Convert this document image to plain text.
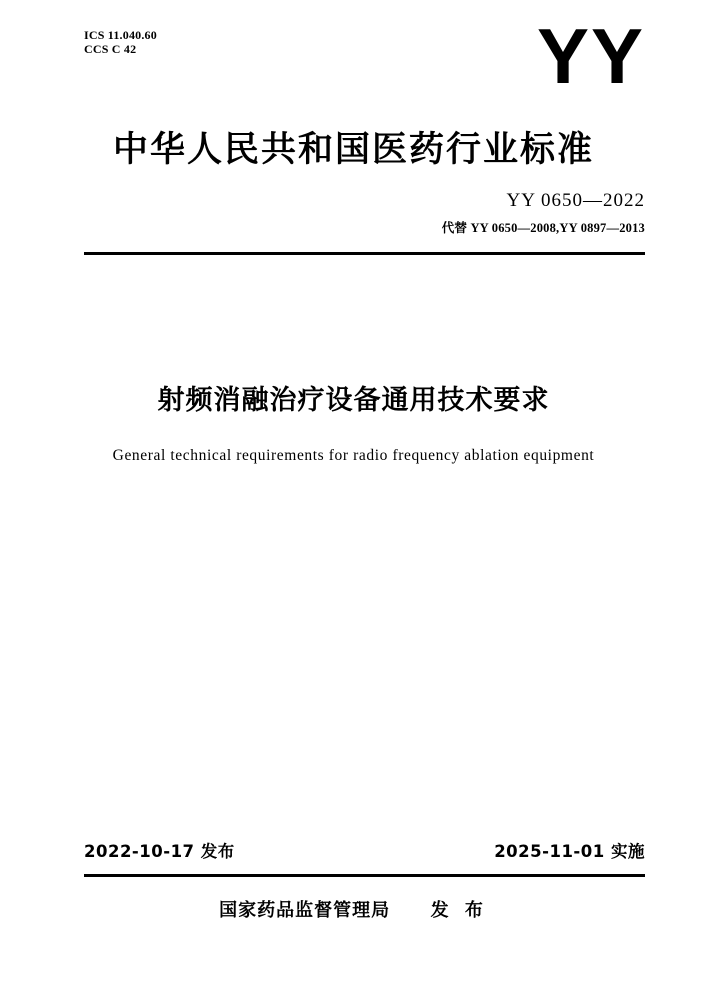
ICS 11.040.60
CCS C 42	YY
中华人民共和国医药行业标准
YY 0650—2022
代替 YY 0650—2008,YY 0897—2013
射频消融治疗设备通用技术要求
General technical requirements for radio frequency ablation equipment
2022-10-17 发布	2025-11-01 实施
国家药品监督管理局 发 布
